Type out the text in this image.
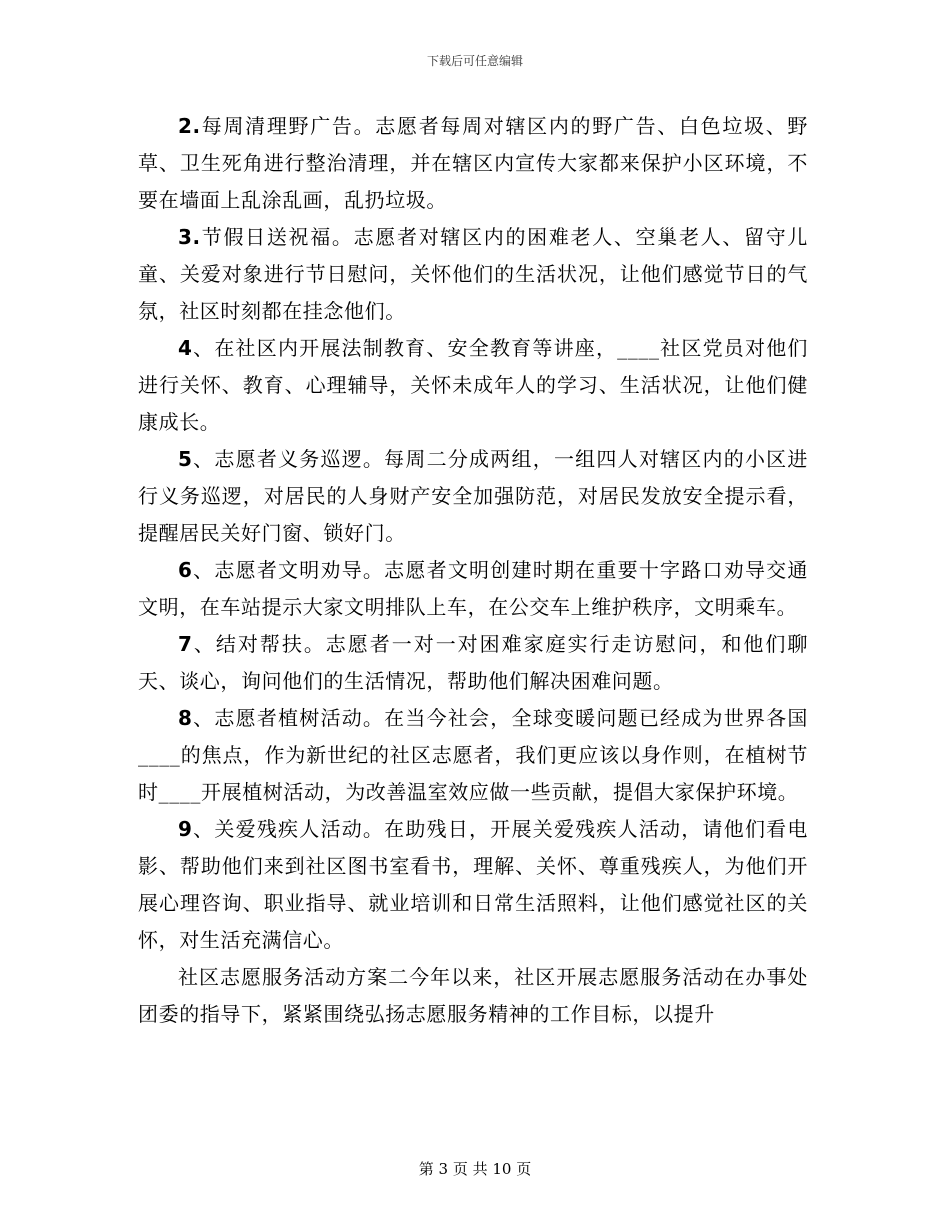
下载后可任意编辑

2.每周清理野广告。志愿者每周对辖区内的野广告、白色垃圾、野草、卫生死角进行整治清理，并在辖区内宣传大家都来保护小区环境，不要在墙面上乱涂乱画，乱扔垃圾。

3.节假日送祝福。志愿者对辖区内的困难老人、空巢老人、留守儿童、关爱对象进行节日慰问，关怀他们的生活状况，让他们感觉节日的气氛，社区时刻都在挂念他们。

4、在社区内开展法制教育、安全教育等讲座，____社区党员对他们进行关怀、教育、心理辅导，关怀未成年人的学习、生活状况，让他们健康成长。

5、志愿者义务巡逻。每周二分成两组，一组四人对辖区内的小区进行义务巡逻，对居民的人身财产安全加强防范，对居民发放安全提示看，提醒居民关好门窗、锁好门。

6、志愿者文明劝导。志愿者文明创建时期在重要十字路口劝导交通文明，在车站提示大家文明排队上车，在公交车上维护秩序，文明乘车。

7、结对帮扶。志愿者一对一对困难家庭实行走访慰问，和他们聊天、谈心，询问他们的生活情况，帮助他们解决困难问题。

8、志愿者植树活动。在当今社会，全球变暖问题已经成为世界各国____的焦点，作为新世纪的社区志愿者，我们更应该以身作则，在植树节时____开展植树活动，为改善温室效应做一些贡献，提倡大家保护环境。

9、关爱残疾人活动。在助残日，开展关爱残疾人活动，请他们看电影、帮助他们来到社区图书室看书，理解、关怀、尊重残疾人，为他们开展心理咨询、职业指导、就业培训和日常生活照料，让他们感觉社区的关怀，对生活充满信心。

社区志愿服务活动方案二今年以来，社区开展志愿服务活动在办事处团委的指导下，紧紧围绕弘扬志愿服务精神的工作目标，以提升

第 3 页 共 10 页
